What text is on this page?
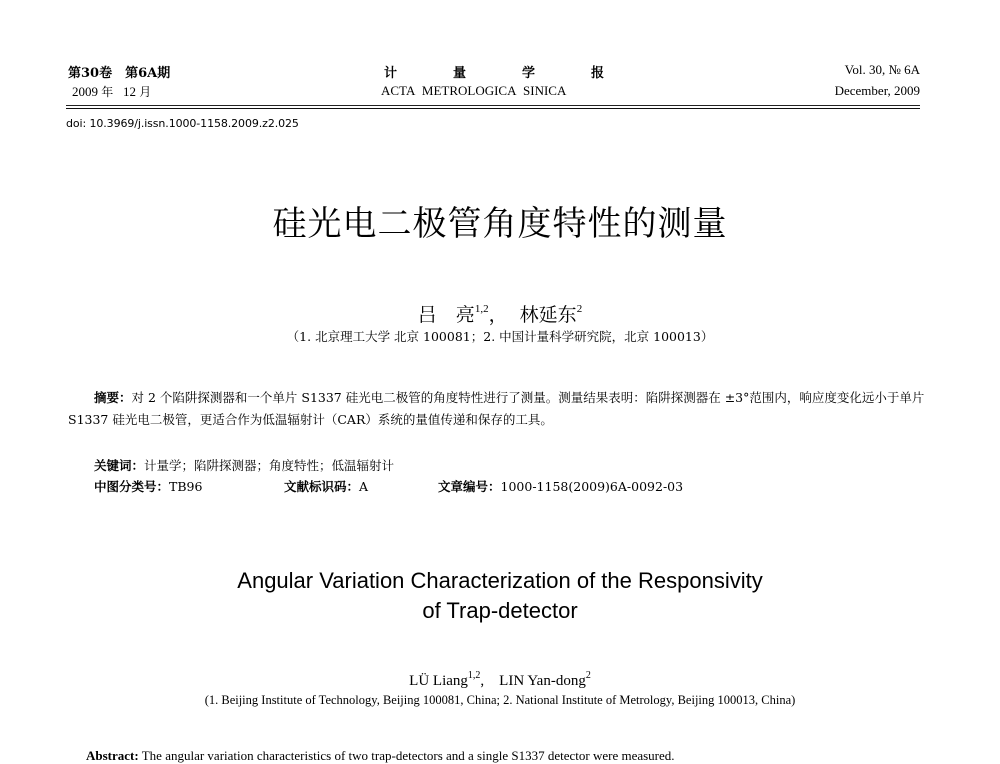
第30卷　第6A期
2009 年 12 月
计	量	学	报
ACTA METROLOGICA SINICA
Vol. 30, № 6A
December, 2009
doi: 10.3969/j.issn.1000-1158.2009.z2.025
硅光电二极管角度特性的测量
吕　亮$^{1,2}$， 林延东$^2$
（1. 北京理工大学 北京 100081；2. 中国计量科学研究院，北京 100013）
摘要：对 2 个陷阱探测器和一个单片 S1337 硅光电二极管的角度特性进行了测量。测量结果表明：陷阱探测器在 ±3°范围内，响应度变化远小于单片 S1337 硅光电二极管，更适合作为低温辐射计（CAR）系统的量值传递和保存的工具。
关键词：计量学；陷阱探测器；角度特性；低温辐射计
中图分类号：TB96	文献标识码：A	文章编号：1000-1158(2009)6A-0092-03
Angular Variation Characterization of the Responsivity
of Trap-detector
LÜ Liang$^{1,2}$, LIN Yan-dong$^2$
(1. Beijing Institute of Technology, Beijing 100081, China; 2. National Institute of Metrology, Beijing 100013, China)
Abstract: The angular variation characteristics of two trap-detectors and a single S1337 detector were measured.
